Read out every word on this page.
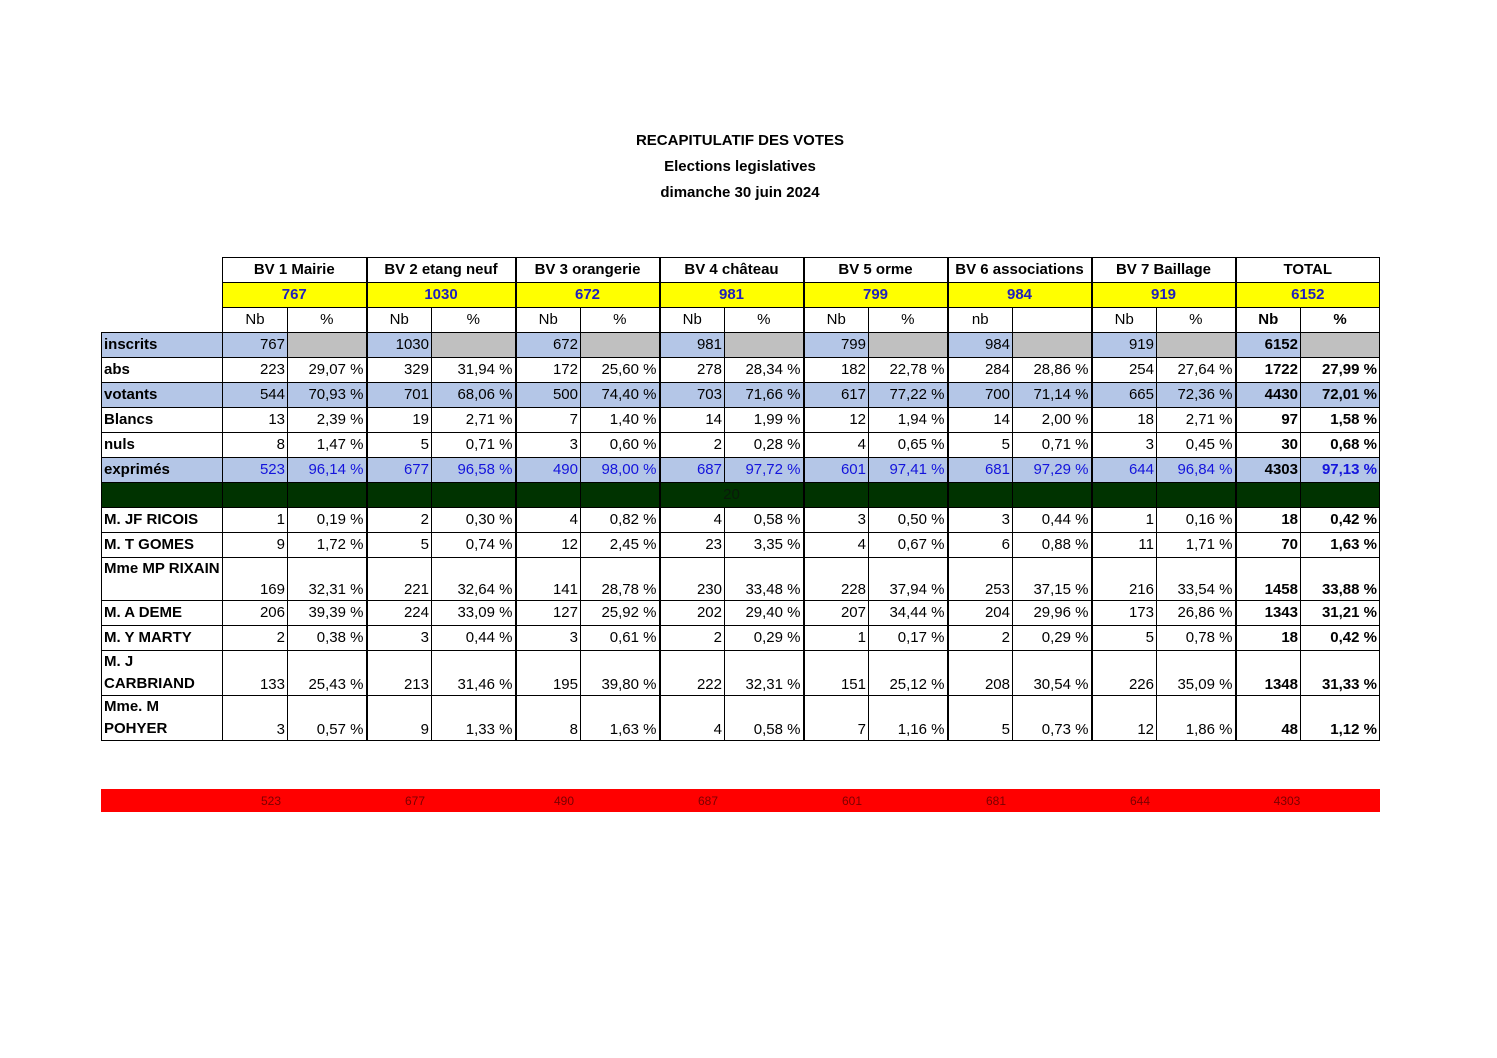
RECAPITULATIF DES VOTES
Elections legislatives
dimanche 30 juin 2024
	BV 1 Mairie		BV 2 etang neuf		BV 3 orangerie		BV 4 château		BV 5 orme		BV 6 associations		BV 7 Baillage		TOTAL	
	767		1030		672		981		799		984		919		6152	
	Nb	%	Nb	%	Nb	%	Nb	%	Nb	%	nb		Nb	%	Nb	%
inscrits	767		1030		672		981		799		984		919		6152	
abs	223	29,07 %	329	31,94 %	172	25,60 %	278	28,34 %	182	22,78 %	284	28,86 %	254	27,64 %	1722	27,99 %
votants	544	70,93 %	701	68,06 %	500	74,40 %	703	71,66 %	617	77,22 %	700	71,14 %	665	72,36 %	4430	72,01 %
Blancs	13	2,39 %	19	2,71 %	7	1,40 %	14	1,99 %	12	1,94 %	14	2,00 %	18	2,71 %	97	1,58 %
nuls	8	1,47 %	5	0,71 %	3	0,60 %	2	0,28 %	4	0,65 %	5	0,71 %	3	0,45 %	30	0,68 %
exprimés	523	96,14 %	677	96,58 %	490	98,00 %	687	97,72 %	601	97,41 %	681	97,29 %	644	96,84 %	4303	97,13 %
							20									
M. JF RICOIS	1	0,19 %	2	0,30 %	4	0,82 %	4	0,58 %	3	0,50 %	3	0,44 %	1	0,16 %	18	0,42 %
M. T GOMES	9	1,72 %	5	0,74 %	12	2,45 %	23	3,35 %	4	0,67 %	6	0,88 %	11	1,71 %	70	1,63 %
Mme MP RIXAIN	169	32,31 %	221	32,64 %	141	28,78 %	230	33,48 %	228	37,94 %	253	37,15 %	216	33,54 %	1458	33,88 %
M. A DEME	206	39,39 %	224	33,09 %	127	25,92 %	202	29,40 %	207	34,44 %	204	29,96 %	173	26,86 %	1343	31,21 %
M. Y MARTY	2	0,38 %	3	0,44 %	3	0,61 %	2	0,29 %	1	0,17 %	2	0,29 %	5	0,78 %	18	0,42 %
M. J CARBRIAND	133	25,43 %	213	31,46 %	195	39,80 %	222	32,31 %	151	25,12 %	208	30,54 %	226	35,09 %	1348	31,33 %
Mme. M POHYER	3	0,57 %	9	1,33 %	8	1,63 %	4	0,58 %	7	1,16 %	5	0,73 %	12	1,86 %	48	1,12 %
523	677	490	687	601	681	644	4303
